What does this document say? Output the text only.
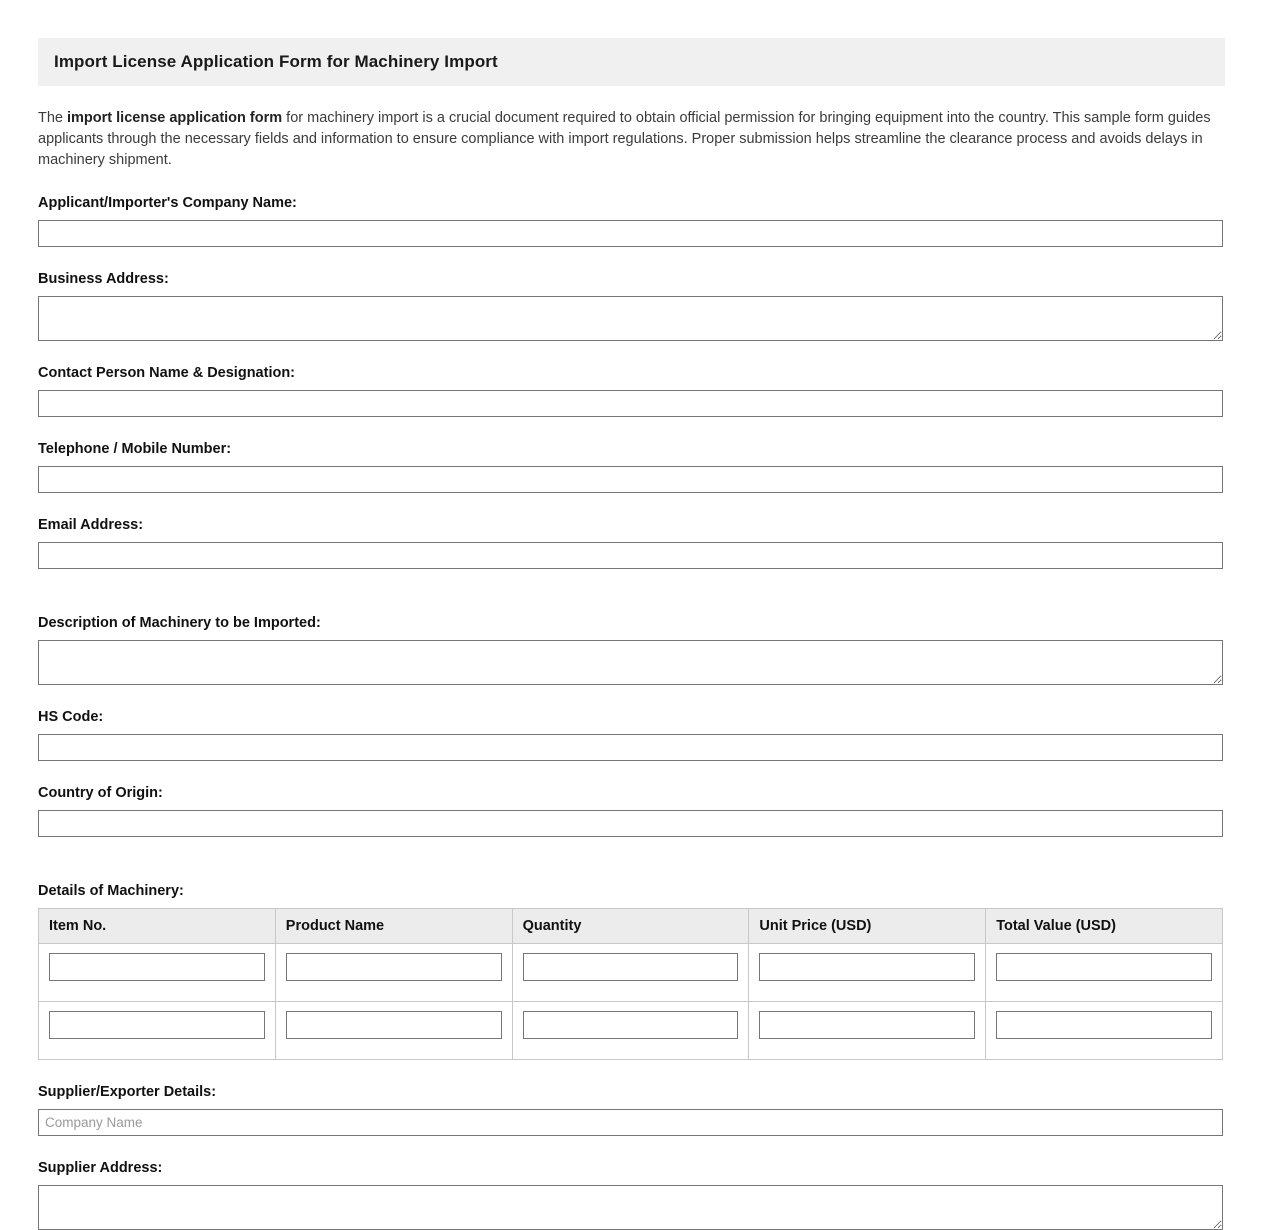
Import License Application Form for Machinery Import

The import license application form for machinery import is a crucial document required to obtain official permission for bringing equipment into the country. This sample form guides applicants through the necessary fields and information to ensure compliance with import regulations. Proper submission helps streamline the clearance process and avoids delays in machinery shipment.

Applicant/Importer's Company Name:
Business Address:
Contact Person Name & Designation:
Telephone / Mobile Number:
Email Address:
Description of Machinery to be Imported:
HS Code:
Country of Origin:
Details of Machinery:
Item No.	Product Name	Quantity	Unit Price (USD)	Total Value (USD)

Supplier/Exporter Details:
Company Name
Supplier Address:
